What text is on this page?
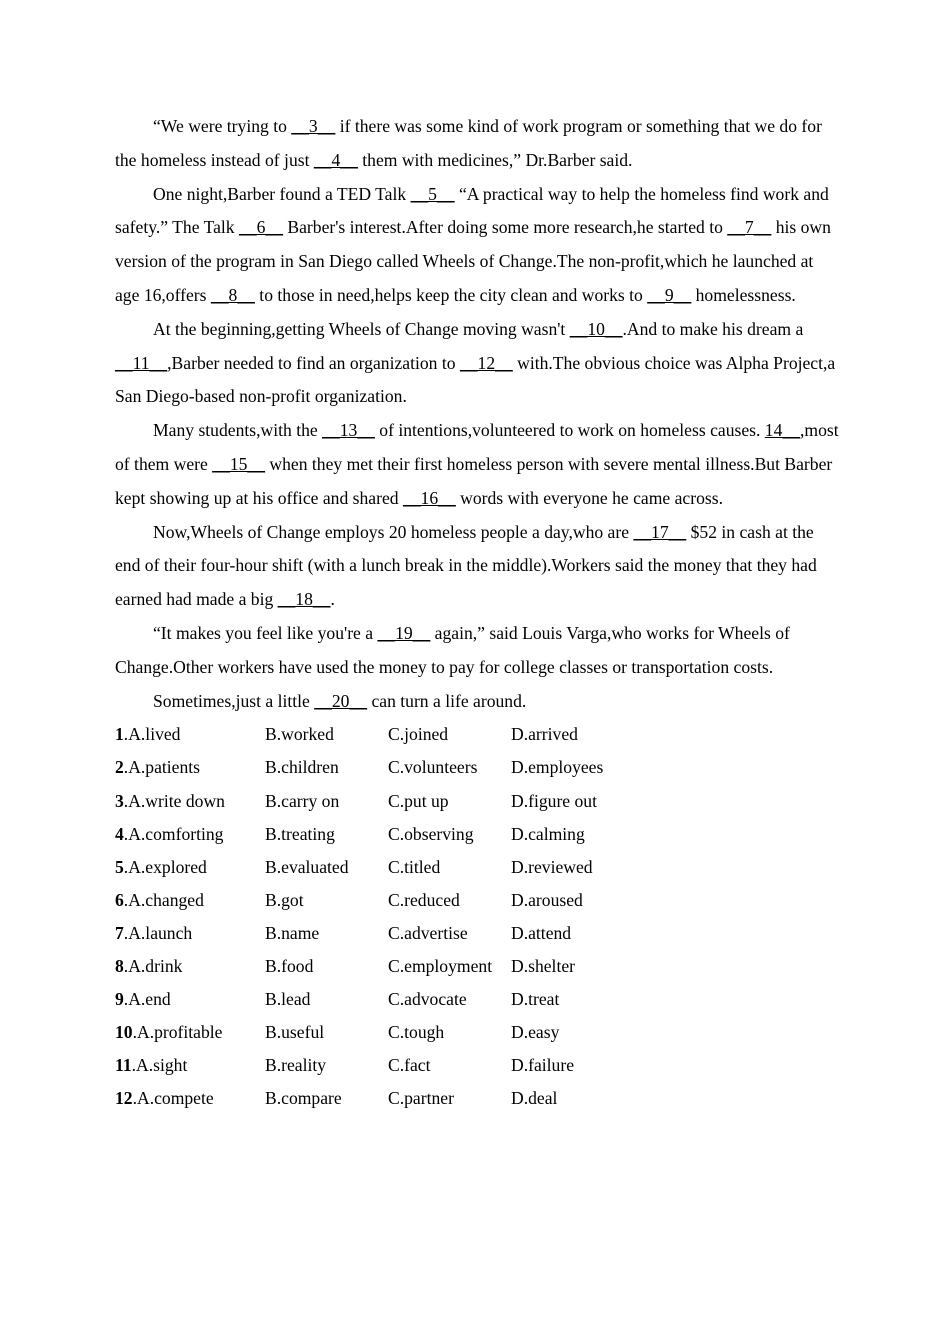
“We were trying to __3__ if there was some kind of work program or something that we do for the homeless instead of just __4__ them with medicines,” Dr.Barber said.

One night,Barber found a TED Talk __5__ “A practical way to help the homeless find work and safety.” The Talk __6__ Barber's interest.After doing some more research,he started to __7__ his own version of the program in San Diego called Wheels of Change.The non-profit,which he launched at age 16,offers __8__ to those in need,helps keep the city clean and works to __9__ homelessness.

At the beginning,getting Wheels of Change moving wasn't __10__.And to make his dream a __11__,Barber needed to find an organization to __12__ with.The obvious choice was Alpha Project,a San Diego-based non-profit organization.

Many students,with the __13__ of intentions,volunteered to work on homeless causes. 14__,most of them were __15__ when they met their first homeless person with severe mental illness.But Barber kept showing up at his office and shared __16__ words with everyone he came across.

Now,Wheels of Change employs 20 homeless people a day,who are __17__ $52 in cash at the end of their four-hour shift (with a lunch break in the middle).Workers said the money that they had earned had made a big __18__.

“It makes you feel like you're a __19__ again,” said Louis Varga,who works for Wheels of Change.Other workers have used the money to pay for college classes or transportation costs.

Sometimes,just a little __20__ can turn a life around.

1.A.lived	B.worked	C.joined	D.arrived
2.A.patients	B.children	C.volunteers	D.employees
3.A.write down	B.carry on	C.put up	D.figure out
4.A.comforting	B.treating	C.observing	D.calming
5.A.explored	B.evaluated	C.titled	D.reviewed
6.A.changed	B.got	C.reduced	D.aroused
7.A.launch	B.name	C.advertise	D.attend
8.A.drink	B.food	C.employment	D.shelter
9.A.end	B.lead	C.advocate	D.treat
10.A.profitable	B.useful	C.tough	D.easy
11.A.sight	B.reality	C.fact	D.failure
12.A.compete	B.compare	C.partner	D.deal
